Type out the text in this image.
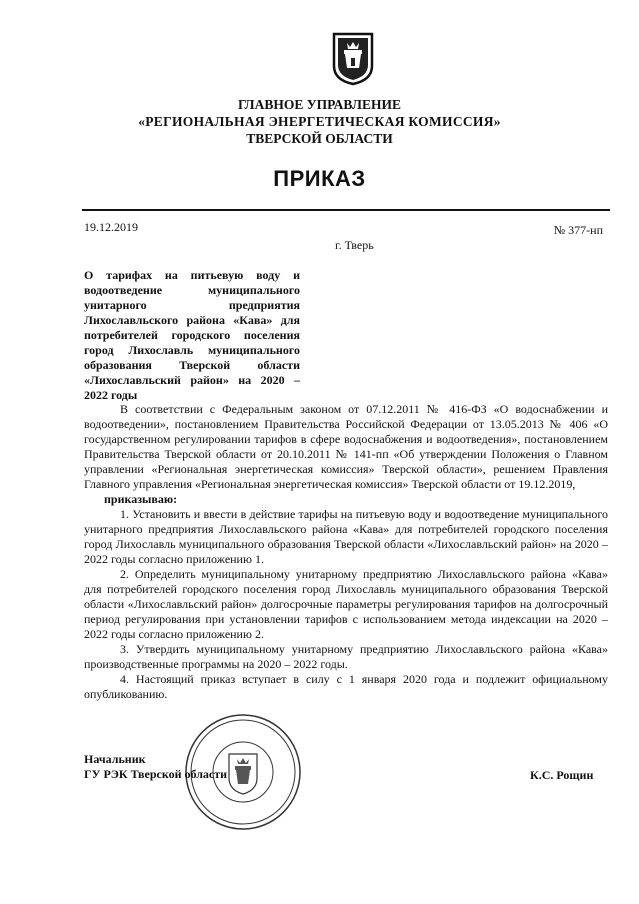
ГЛАВНОЕ УПРАВЛЕНИЕ
«РЕГИОНАЛЬНАЯ ЭНЕРГЕТИЧЕСКАЯ КОМИССИЯ»
ТВЕРСКОЙ ОБЛАСТИ
ПРИКАЗ
19.12.2019	№ 377-нп
г. Тверь
О тарифах на питьевую воду и водоотведение муниципального унитарного предприятия Лихославльского района «Кава» для потребителей городского поселения город Лихославль муниципального образования Тверской области «Лихославльский район» на 2020 – 2022 годы

В соответствии с Федеральным законом от 07.12.2011 № 416-ФЗ «О водоснабжении и водоотведении», постановлением Правительства Российской Федерации от 13.05.2013 № 406 «О государственном регулировании тарифов в сфере водоснабжения и водоотведения», постановлением Правительства Тверской области от 20.10.2011 № 141-пп «Об утверждении Положения о Главном управлении «Региональная энергетическая комиссия» Тверской области», решением Правления Главного управления «Региональная энергетическая комиссия» Тверской области от 19.12.2019,

приказываю:

1. Установить и ввести в действие тарифы на питьевую воду и водоотведение муниципального унитарного предприятия Лихославльского района «Кава» для потребителей городского поселения город Лихославль муниципального образования Тверской области «Лихославльский район» на 2020 – 2022 годы согласно приложению 1.

2. Определить муниципальному унитарному предприятию Лихославльского района «Кава» для потребителей городского поселения город Лихославль муниципального образования Тверской области «Лихославльский район» долгосрочные параметры регулирования тарифов на долгосрочный период регулирования при установлении тарифов с использованием метода индексации на 2020 – 2022 годы согласно приложению 2.

3. Утвердить муниципальному унитарному предприятию Лихославльского района «Кава» производственные программы на 2020 – 2022 годы.

4. Настоящий приказ вступает в силу с 1 января 2020 года и подлежит официальному опубликованию.

Начальник
ГУ РЭК Тверской области	К.С. Рощин
